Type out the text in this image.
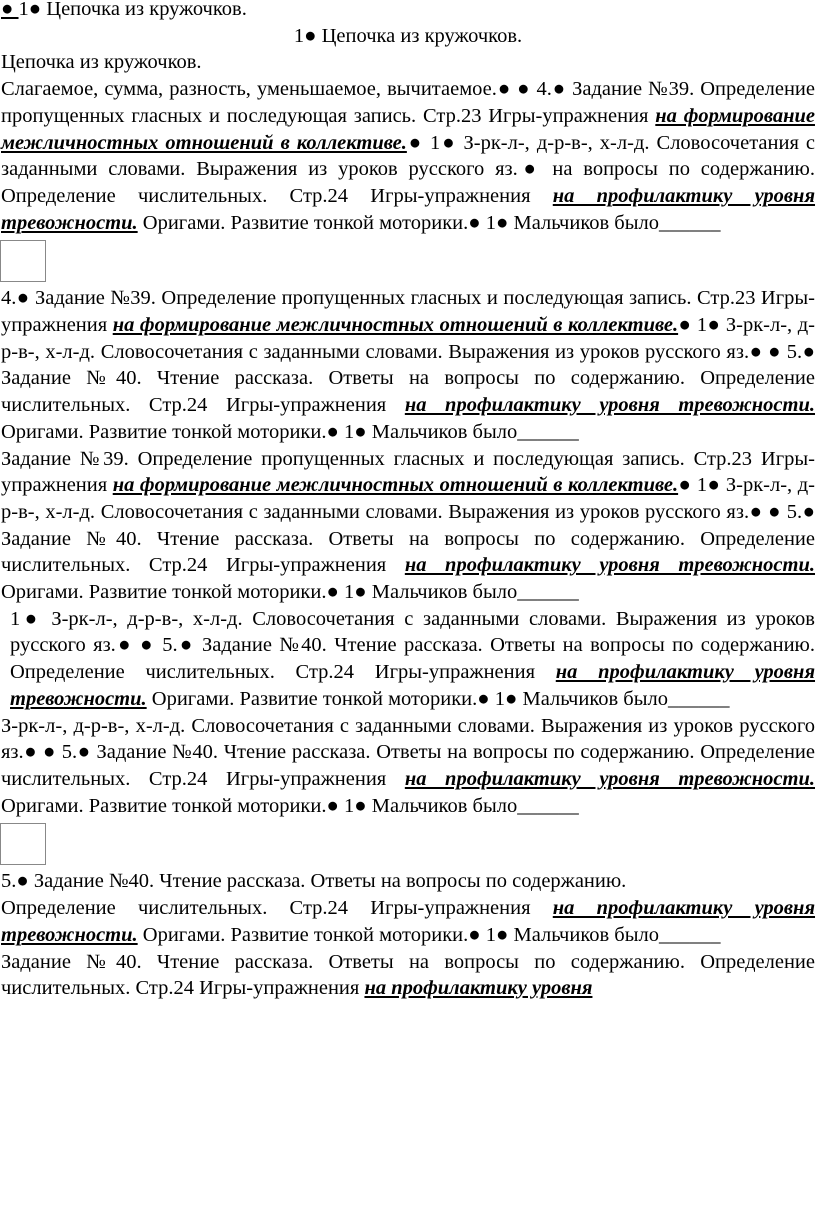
● 1● Цепочка из кружочков.

1● Цепочка из кружочков.

Цепочка из кружочков.

Слагаемое, сумма, разность, уменьшаемое, вычитаемое.● ● 4.● Задание №39. Определение пропущенных гласных и последующая запись. Стр.23 Игры-упражнения на формирование межличностных отношений в коллективе.● 1● З-рк-л-, д-р-в-, х-л-д. Словосочетания с заданными словами. Выражения из уроков русского яз.● на вопросы по содержанию. Определение числительных. Стр.24 Игры-упражнения на профилактику уровня тревожности. Оригами. Развитие тонкой моторики.● 1● Мальчиков было______

4.● Задание №39. Определение пропущенных гласных и последующая запись. Стр.23 Игры-упражнения на формирование межличностных отношений в коллективе.● 1● З-рк-л-, д-р-в-, х-л-д. Словосочетания с заданными словами. Выражения из уроков русского яз.● ● 5.● Задание №40. Чтение рассказа. Ответы на вопросы по содержанию. Определение числительных. Стр.24 Игры-упражнения на профилактику уровня тревожности. Оригами. Развитие тонкой моторики.● 1● Мальчиков было______

Задание №39. Определение пропущенных гласных и последующая запись. Стр.23 Игры-упражнения на формирование межличностных отношений в коллективе.● 1● З-рк-л-, д-р-в-, х-л-д. Словосочетания с заданными словами. Выражения из уроков русского яз.● ● 5.● Задание №40. Чтение рассказа. Ответы на вопросы по содержанию. Определение числительных. Стр.24 Игры-упражнения на профилактику уровня тревожности. Оригами. Развитие тонкой моторики.● 1● Мальчиков было______

1● З-рк-л-, д-р-в-, х-л-д. Словосочетания с заданными словами. Выражения из уроков русского яз.● ● 5.● Задание №40. Чтение рассказа. Ответы на вопросы по содержанию. Определение числительных. Стр.24 Игры-упражнения на профилактику уровня тревожности. Оригами. Развитие тонкой моторики.● 1● Мальчиков было______

З-рк-л-, д-р-в-, х-л-д. Словосочетания с заданными словами. Выражения из уроков русского яз.● ● 5.● Задание №40. Чтение рассказа. Ответы на вопросы по содержанию. Определение числительных. Стр.24 Игры-упражнения на профилактику уровня тревожности. Оригами. Развитие тонкой моторики.● 1● Мальчиков было______

5.● Задание №40. Чтение рассказа. Ответы на вопросы по содержанию.

Определение числительных. Стр.24 Игры-упражнения на профилактику уровня тревожности. Оригами. Развитие тонкой моторики.● 1● Мальчиков было______

Задание №40. Чтение рассказа. Ответы на вопросы по содержанию. Определение числительных. Стр.24 Игры-упражнения на профилактику уровня
